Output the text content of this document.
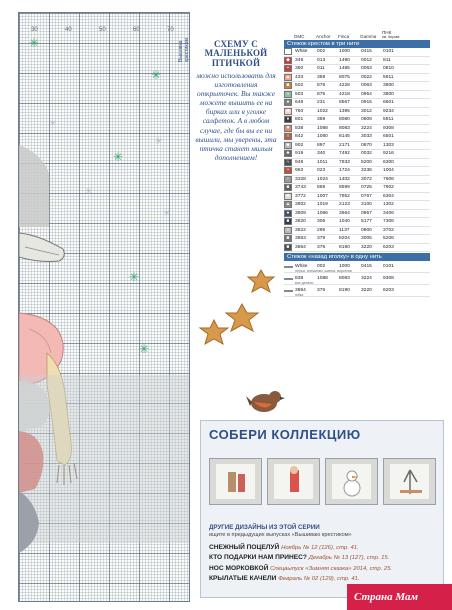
30	40	50	60	70
✳
✳
✳
✳
✳
✳
✳
✳
✳
Вышивка крестиком	СХЕМУ С МАЛЕНЬКОЙ ПТИЧКОЙ
можно использовать для изготовления открыточек. Вы также можете вышить ее на бирках или в уголке салфеток. А в любом случае, где бы вы ее ни вышили, мы уверены, эта птичка станет милым дополнением!
DMC	Anchor	Finca	Gamma
ПНК
им. Кирова
Стежок крестом в три нити
White	002	1000	0415	0101
◆	349	013	1490	0012	811
•	350	011	1485	0063	0810
▲ 433	358	8075	0022	5911
■	502	876	4228	0063	3800
×	503	875	4218	0954	3800
●	648	231	8567	0915	6601
★ 760	1022	1395	3012	9234
♦	801	359	8080	0809	5911
▼ 838	1088	8083	3224	9308
∩	842	1080	8145	3033	6501
■	902	897	2171	0870	1303
♣	919	340	7492	0032	9216
≈	948	1011	7933	5200	6300
+	963	023	1724	3236	1004
↑	3328	1024	1402	3072	7606
■	3743	869	8599	0725	7902
★ 3772	1007	7952	0767	6304
▲ 3802	1019	2123	3100	1302
●	3809	1066	3664	0857	3406
■	3820	306	1040	5177	7306
¤	3822	295	1137	0800	3702
■	3863	379	8204	3005	5206
■	3864	376	8190	3220	6203
Стежок «назад иголку» в одну нить
White	002	1000	0415	0101
перья, снежинки, шапка, воротник
838	1088	8083	3224	9308
все детали
3864	376	8190	3220	6203
юбка
СОБЕРИ КОЛЛЕКЦИЮ
ДРУГИЕ ДИЗАЙНЫ ИЗ ЭТОЙ СЕРИИ
ищите в предыдущих выпусках «Вышиваю крестиком»
СНЕЖНЫЙ ПОЦЕЛУЙ Ноябрь № 12 (126), стр. 41.
КТО ПОДАРКИ НАМ ПРИНЕС? Декабрь № 13 (127), стр. 15.
НОС МОРКОВКОЙ Спецвыпуск «Зимняя сказка» 2014, стр. 25.
КРЫЛАТЫЕ КАЧЕЛИ Февраль № 02 (129), стр. 41.
Страна Мам
